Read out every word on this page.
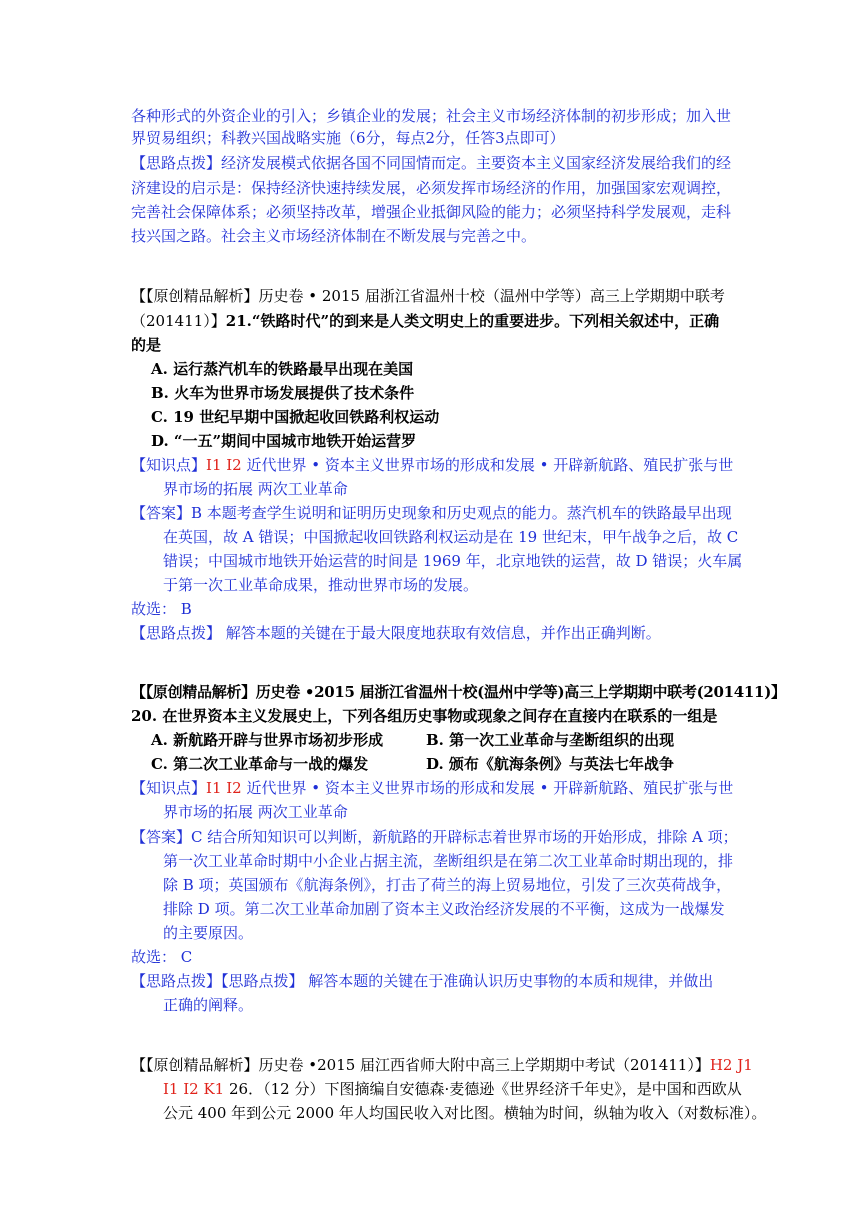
各种形式的外资企业的引入；乡镇企业的发展；社会主义市场经济体制的初步形成；加入世
界贸易组织；科教兴国战略实施（6分，每点2分，任答3点即可）
【思路点拨】经济发展模式依据各国不同国情而定。主要资本主义国家经济发展给我们的经
济建设的启示是：保持经济快速持续发展，必须发挥市场经济的作用，加强国家宏观调控，
完善社会保障体系；必须坚持改革，增强企业抵御风险的能力；必须坚持科学发展观，走科
技兴国之路。社会主义市场经济体制在不断发展与完善之中。
【【原创精品解析】历史卷 • 2015 届浙江省温州十校（温州中学等）高三上学期期中联考
（201411）】21.“铁路时代”的到来是人类文明史上的重要进步。下列相关叙述中，正确
的是
A. 运行蒸汽机车的铁路最早出现在美国
B. 火车为世界市场发展提供了技术条件
C. 19 世纪早期中国掀起收回铁路利权运动
D. “一五”期间中国城市地铁开始运营罗
【知识点】I1 I2 近代世界 • 资本主义世界市场的形成和发展 • 开辟新航路、殖民扩张与世
界市场的拓展 两次工业革命
【答案】B 本题考查学生说明和证明历史现象和历史观点的能力。蒸汽机车的铁路最早出现
在英国，故 A 错误；中国掀起收回铁路利权运动是在 19 世纪末，甲午战争之后，故 C
错误；中国城市地铁开始运营的时间是 1969 年，北京地铁的运营，故 D 错误；火车属
于第一次工业革命成果，推动世界市场的发展。
故选： B
【思路点拨】 解答本题的关键在于最大限度地获取有效信息，并作出正确判断。
【【原创精品解析】历史卷 •2015 届浙江省温州十校(温州中学等)高三上学期期中联考(201411)】
20. 在世界资本主义发展史上，下列各组历史事物或现象之间存在直接内在联系的一组是
A. 新航路开辟与世界市场初步形成	B. 第一次工业革命与垄断组织的出现
C. 第二次工业革命与一战的爆发	D. 颁布《航海条例》与英法七年战争
【知识点】I1 I2 近代世界 • 资本主义世界市场的形成和发展 • 开辟新航路、殖民扩张与世
界市场的拓展 两次工业革命
【答案】C 结合所知知识可以判断，新航路的开辟标志着世界市场的开始形成，排除 A 项；
第一次工业革命时期中小企业占据主流，垄断组织是在第二次工业革命时期出现的，排
除 B 项；英国颁布《航海条例》，打击了荷兰的海上贸易地位，引发了三次英荷战争，
排除 D 项。第二次工业革命加剧了资本主义政治经济发展的不平衡，这成为一战爆发
的主要原因。
故选： C
【思路点拨】【思路点拨】 解答本题的关键在于准确认识历史事物的本质和规律，并做出
正确的阐释。
【【原创精品解析】历史卷 •2015 届江西省师大附中高三上学期期中考试（201411）】H2 J1
I1 I2 K1 26．（12 分）下图摘编自安德森·麦德逊《世界经济千年史》，是中国和西欧从
公元 400 年到公元 2000 年人均国民收入对比图。横轴为时间，纵轴为收入（对数标准）。
